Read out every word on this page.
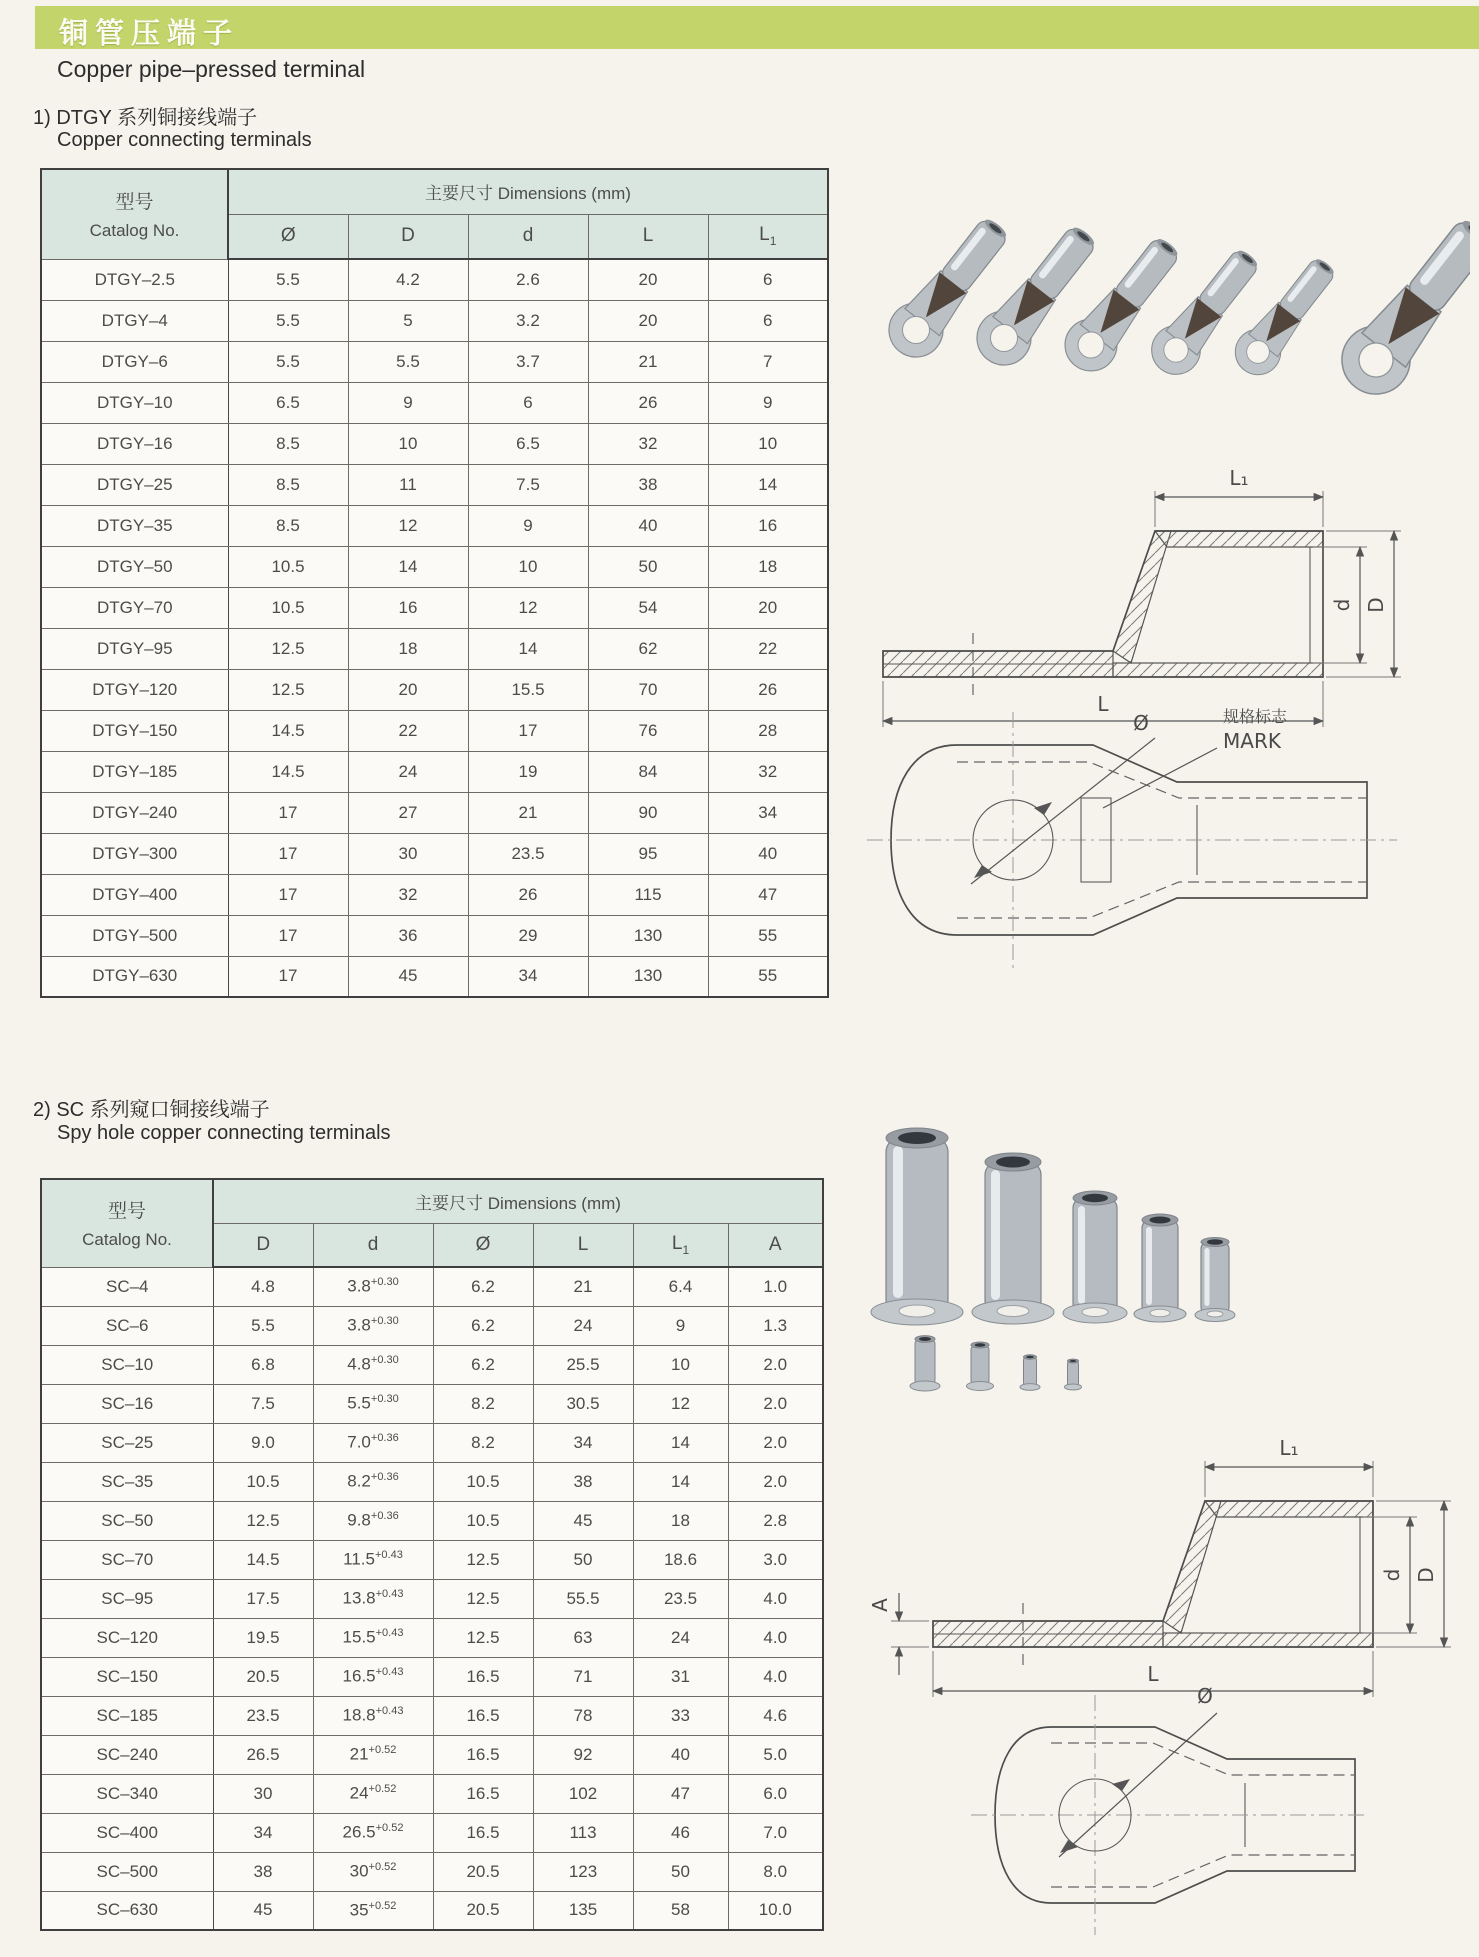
铜管压端子
Copper pipe–pressed terminal
1) DTGY 系列铜接线端子
Copper connecting terminals
型号
Catalog No.	主要尺寸 Dimensions (mm)				
	Ø	D	d	L	$L_1$
DTGY–2.5	5.5	4.2	2.6	20	6
DTGY–4	5.5	5	3.2	20	6
DTGY–6	5.5	5.5	3.7	21	7
DTGY–10	6.5	9	6	26	9
DTGY–16	8.5	10	6.5	32	10
DTGY–25	8.5	11	7.5	38	14
DTGY–35	8.5	12	9	40	16
DTGY–50	10.5	14	10	50	18
DTGY–70	10.5	16	12	54	20
DTGY–95	12.5	18	14	62	22
DTGY–120	12.5	20	15.5	70	26
DTGY–150	14.5	22	17	76	28
DTGY–185	14.5	24	19	84	32
DTGY–240	17	27	21	90	34
DTGY–300	17	30	23.5	95	40
DTGY–400	17	32	26	115	47
DTGY–500	17	36	29	130	55
DTGY–630	17	45	34	130	55
L₁
d D
L
Ø	规格标志
MARK
2) SC 系列窥口铜接线端子
Spy hole copper connecting terminals
型号
Catalog No.	主要尺寸 Dimensions (mm)					
	D	d	Ø	L	$L_1$	A
SC–4	4.8	$3.8^{+0.30}$	6.2	21	6.4	1.0
SC–6	5.5	$3.8^{+0.30}$	6.2	24	9	1.3
SC–10	6.8	$4.8^{+0.30}$	6.2	25.5	10	2.0
SC–16	7.5	$5.5^{+0.30}$	8.2	30.5	12	2.0
SC–25	9.0	$7.0^{+0.36}$	8.2	34	14	2.0
SC–35	10.5	$8.2^{+0.36}$	10.5	38	14	2.0
SC–50	12.5	$9.8^{+0.36}$	10.5	45	18	2.8
SC–70	14.5	$11.5^{+0.43}$	12.5	50	18.6	3.0
SC–95	17.5	$13.8^{+0.43}$	12.5	55.5	23.5	4.0
SC–120	19.5	$15.5^{+0.43}$	12.5	63	24	4.0
SC–150	20.5	$16.5^{+0.43}$	16.5	71	31	4.0
SC–185	23.5	$18.8^{+0.43}$	16.5	78	33	4.6
SC–240	26.5	$21^{+0.52}$	16.5	92	40	5.0
SC–340	30	$24^{+0.52}$	16.5	102	47	6.0
SC–400	34	$26.5^{+0.52}$	16.5	113	46	7.0
SC–500	38	$30^{+0.52}$	20.5	123	50	8.0
SC–630	45	$35^{+0.52}$	20.5	135	58	10.0
A
L₁
d D
L
Ø
